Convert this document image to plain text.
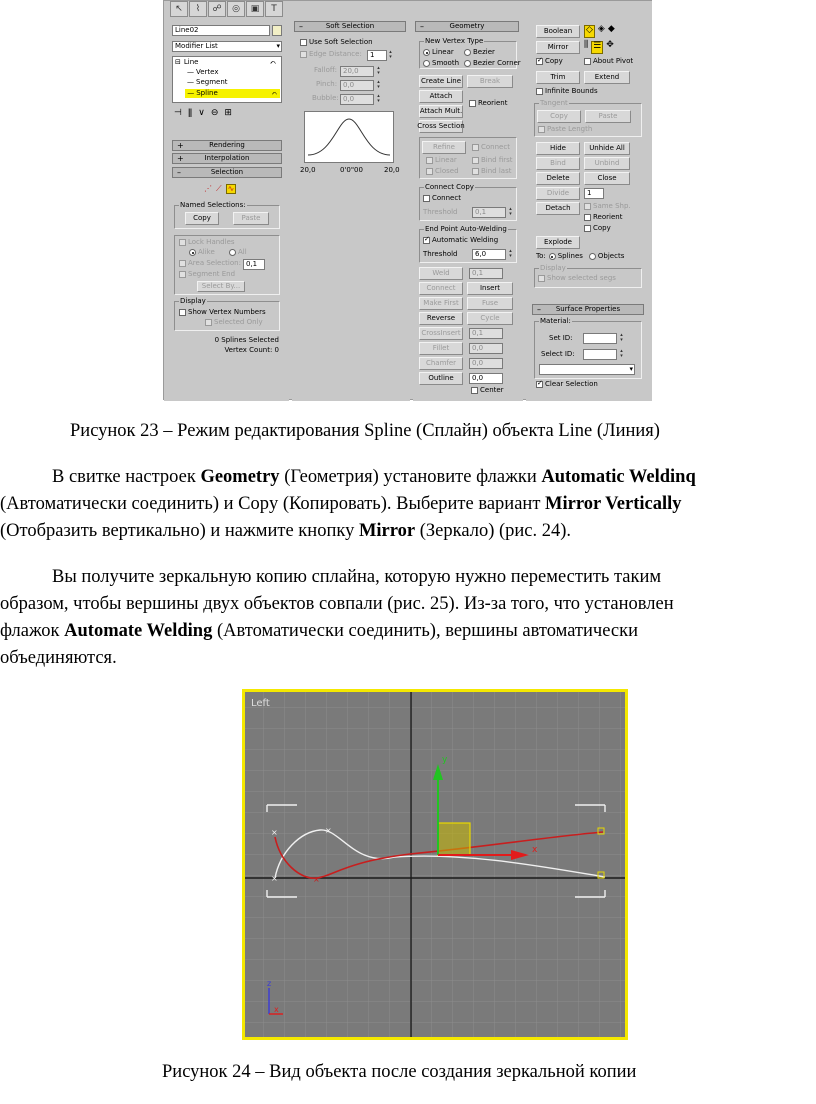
↖	⌇	☍	◎	▣	T
Line02
Modifier List	▾
⊟ Line	ᨈ
— Vertex
— Segment
— Spline	ᨈ
⊣ ǁ ∨ ⊖ ⊞
+	Rendering
+	Interpolation
–	Selection
⋰ ⟋ ∿
Named Selections:
Copy	Paste
Lock Handles
Alike	All
Area Selection: 0,1
Segment End
Select By...
Display
Show Vertex Numbers
Selected Only
0 Splines Selected
Vertex Count: 0
–	Soft Selection
Use Soft Selection
Edge Distance:	1	▴
▾
Falloff: 20,0	▴
▾
Pinch: 0,0	▴
▾
Bubble: 0,0	▴
▾
20,0	0'0"00	20,0
–	Geometry
New Vertex Type
Linear	Bezier
Smooth Bezier Corner
Create Line	Break
Attach
Reorient
Attach Mult.
Cross Section
Refine	Connect
Linear	Bind first
Closed	Bind last
Connect Copy
Connect
Threshold	0,1	▴
▾
End Point Auto-Welding
✓
Automatic Welding
Threshold	6,0	▴
▾
Weld	0,1
Connect	Insert
Make First	Fuse
Reverse	Cycle
CrossInsert	0,1
Fillet	0,0
Chamfer	0,0
Outline	0,0
Center
Boolean	◇ ◈ ◆
Mirror	⫼ ☰ ✥
✓
Copy	About Pivot
Trim	Extend
Infinite Bounds
Tangent
Copy	Paste
Paste Length
Hide	Unhide All
Bind	Unbind
Delete	Close
Divide	1
Detach	Same Shp.
Reorient
Copy
Explode
To: Splines Objects
Display
Show selected segs
– Surface Properties
Material:
Set ID:	▴
▾
Select ID:	▴
▾
▾
✓
Clear Selection
Рисунок 23 – Режим редактирования Spline (Сплайн) объекта Line (Линия)
В свитке настроек Geometry (Геометрия) установите флажки Automatic Weldinq
(Автоматически соединить) и Copy (Копировать). Выберите вариант Mirror Vertically
(Отобразить вертикально) и нажмите кнопку Mirror (Зеркало) (рис. 24).
Вы получите зеркальную копию сплайна, которую нужно переместить таким
образом, чтобы вершины двух объектов совпали (рис. 25). Из-за того, что установлен
флажок Automate Welding (Автоматически соединить), вершины автоматически
объединяются.
Left
×
×
×
×
y
x
z
x
Рисунок 24 – Вид объекта после создания зеркальной копии
